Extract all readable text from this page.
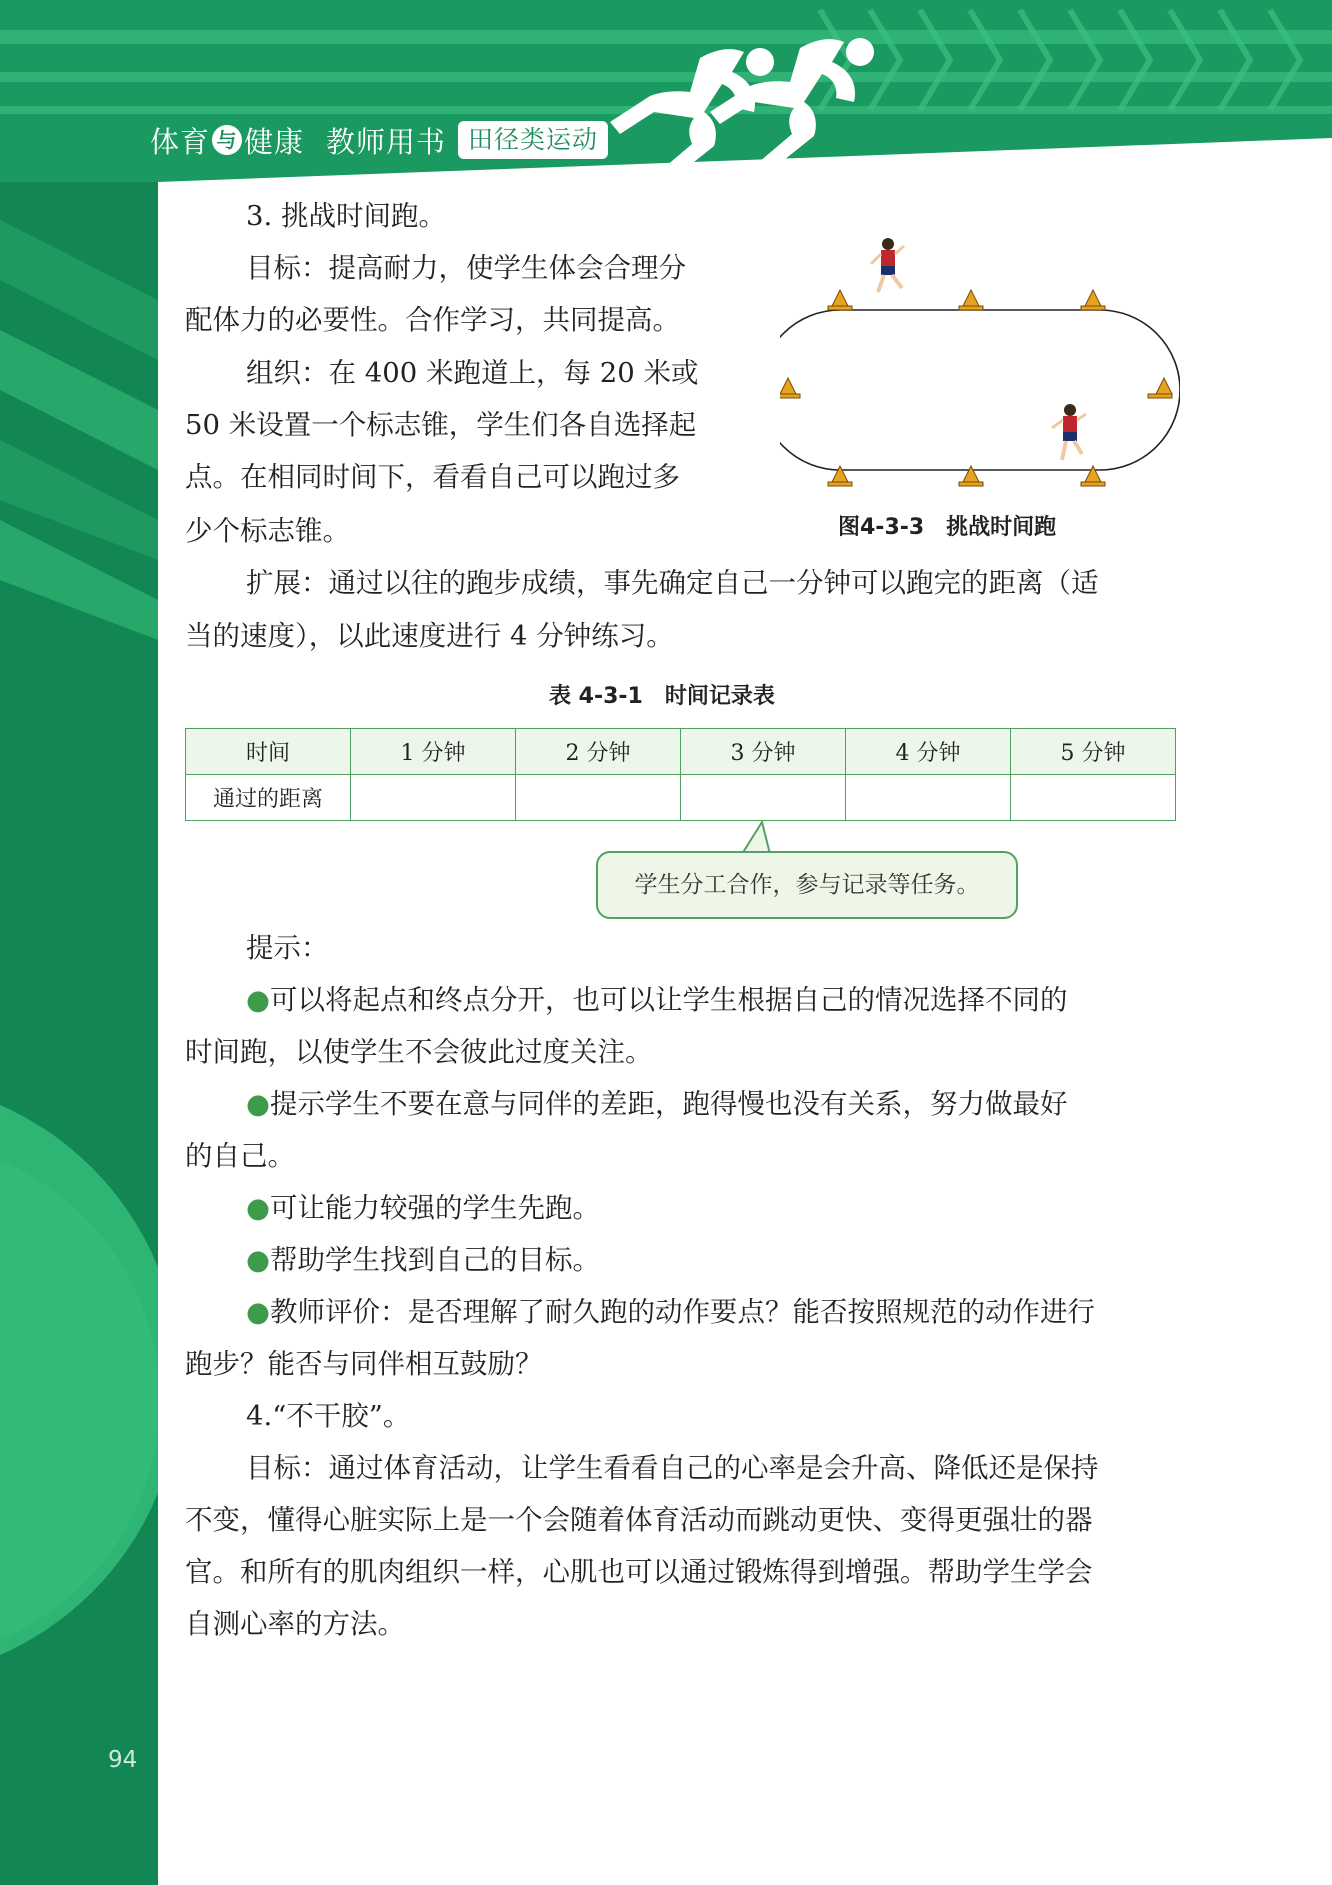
体育 与 健康 教师用书 田径类运动

3. 挑战时间跑。

目标：提高耐力，使学生体会合理分

配体力的必要性。合作学习，共同提高。

组织：在 400 米跑道上，每 20 米或

50 米设置一个标志锥，学生们各自选择起

点。在相同时间下，看看自己可以跑过多

少个标志锥。	图4-3-3　挑战时间跑

扩展：通过以往的跑步成绩，事先确定自己一分钟可以跑完的距离（适

当的速度），以此速度进行 4 分钟练习。

表 4-3-1　时间记录表
时间	1 分钟	2 分钟	3 分钟	4 分钟	5 分钟
通过的距离					
学生分工合作，参与记录等任务。

提示：

●可以将起点和终点分开，也可以让学生根据自己的情况选择不同的

时间跑，以使学生不会彼此过度关注。

●提示学生不要在意与同伴的差距，跑得慢也没有关系，努力做最好

的自己。

●可让能力较强的学生先跑。

●帮助学生找到自己的目标。

●教师评价：是否理解了耐久跑的动作要点？能否按照规范的动作进行

跑步？能否与同伴相互鼓励？

4.“不干胶”。

目标：通过体育活动，让学生看看自己的心率是会升高、降低还是保持

不变，懂得心脏实际上是一个会随着体育活动而跳动更快、变得更强壮的器

官。和所有的肌肉组织一样，心肌也可以通过锻炼得到增强。帮助学生学会

自测心率的方法。

94
